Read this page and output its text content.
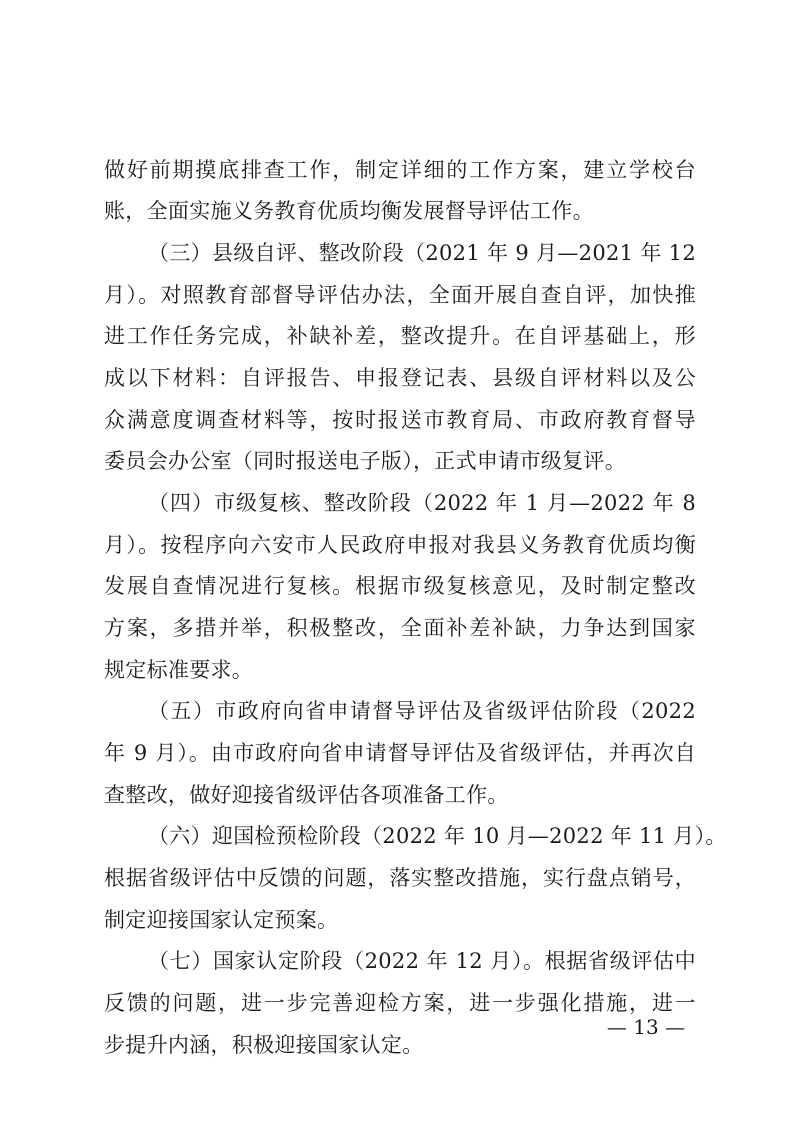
做好前期摸底排查工作，制定详细的工作方案，建立学校台
账，全面实施义务教育优质均衡发展督导评估工作。
（三）县级自评、整改阶段（2021 年 9 月—2021 年 12
月）。对照教育部督导评估办法，全面开展自查自评，加快推
进工作任务完成，补缺补差，整改提升。在自评基础上，形
成以下材料：自评报告、申报登记表、县级自评材料以及公
众满意度调查材料等，按时报送市教育局、市政府教育督导
委员会办公室（同时报送电子版），正式申请市级复评。
（四）市级复核、整改阶段（2022 年 1 月—2022 年 8
月）。按程序向六安市人民政府申报对我县义务教育优质均衡
发展自查情况进行复核。根据市级复核意见，及时制定整改
方案，多措并举，积极整改，全面补差补缺，力争达到国家
规定标准要求。
（五）市政府向省申请督导评估及省级评估阶段（2022
年 9 月）。由市政府向省申请督导评估及省级评估，并再次自
查整改，做好迎接省级评估各项准备工作。
（六）迎国检预检阶段（2022 年 10 月—2022 年 11 月）。
根据省级评估中反馈的问题，落实整改措施，实行盘点销号，
制定迎接国家认定预案。
（七）国家认定阶段（2022 年 12 月）。根据省级评估中
反馈的问题，进一步完善迎检方案，进一步强化措施，进一
步提升内涵，积极迎接国家认定。
— 13 —
